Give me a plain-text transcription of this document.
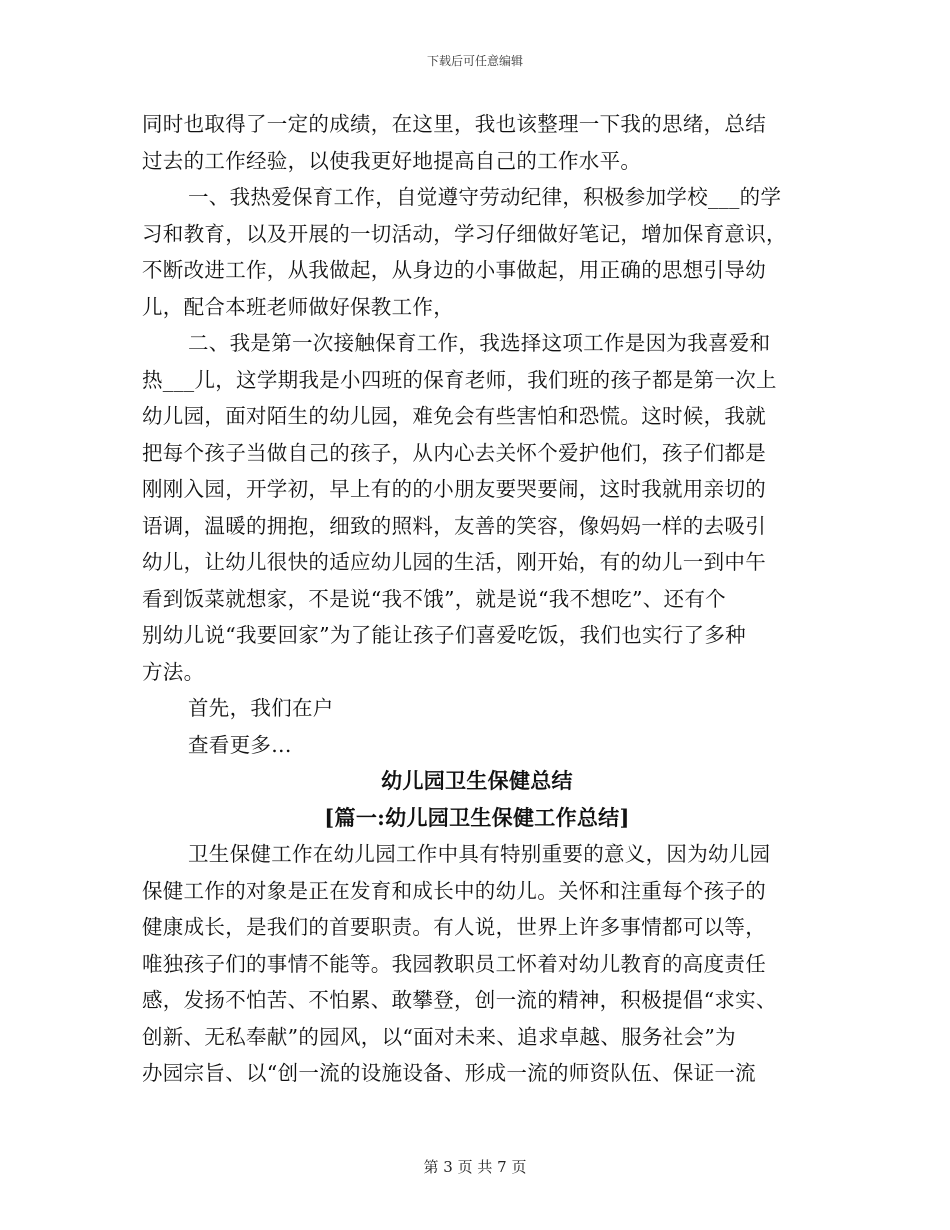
下载后可任意编辑
同时也取得了一定的成绩，在这里，我也该整理一下我的思绪，总结
过去的工作经验，以使我更好地提高自己的工作水平。
一、我热爱保育工作，自觉遵守劳动纪律，积极参加学校___的学
习和教育，以及开展的一切活动，学习仔细做好笔记，增加保育意识，
不断改进工作，从我做起，从身边的小事做起，用正确的思想引导幼
儿，配合本班老师做好保教工作，
二、我是第一次接触保育工作，我选择这项工作是因为我喜爱和
热___儿，这学期我是小四班的保育老师，我们班的孩子都是第一次上
幼儿园，面对陌生的幼儿园，难免会有些害怕和恐慌。这时候，我就
把每个孩子当做自己的孩子，从内心去关怀个爱护他们，孩子们都是
刚刚入园，开学初，早上有的的小朋友要哭要闹，这时我就用亲切的
语调，温暖的拥抱，细致的照料，友善的笑容，像妈妈一样的去吸引
幼儿，让幼儿很快的适应幼儿园的生活，刚开始，有的幼儿一到中午
看到饭菜就想家，不是说“我不饿”，就是说“我不想吃”、还有个
别幼儿说“我要回家”为了能让孩子们喜爱吃饭，我们也实行了多种
方法。
首先，我们在户
查看更多...
幼儿园卫生保健总结
[篇一:幼儿园卫生保健工作总结]
卫生保健工作在幼儿园工作中具有特别重要的意义，因为幼儿园
保健工作的对象是正在发育和成长中的幼儿。关怀和注重每个孩子的
健康成长，是我们的首要职责。有人说，世界上许多事情都可以等，
唯独孩子们的事情不能等。我园教职员工怀着对幼儿教育的高度责任
感，发扬不怕苦、不怕累、敢攀登，创一流的精神，积极提倡“求实、
创新、无私奉献”的园风，以“面对未来、追求卓越、服务社会”为
办园宗旨、以“创一流的设施设备、形成一流的师资队伍、保证一流
第 3 页 共 7 页
